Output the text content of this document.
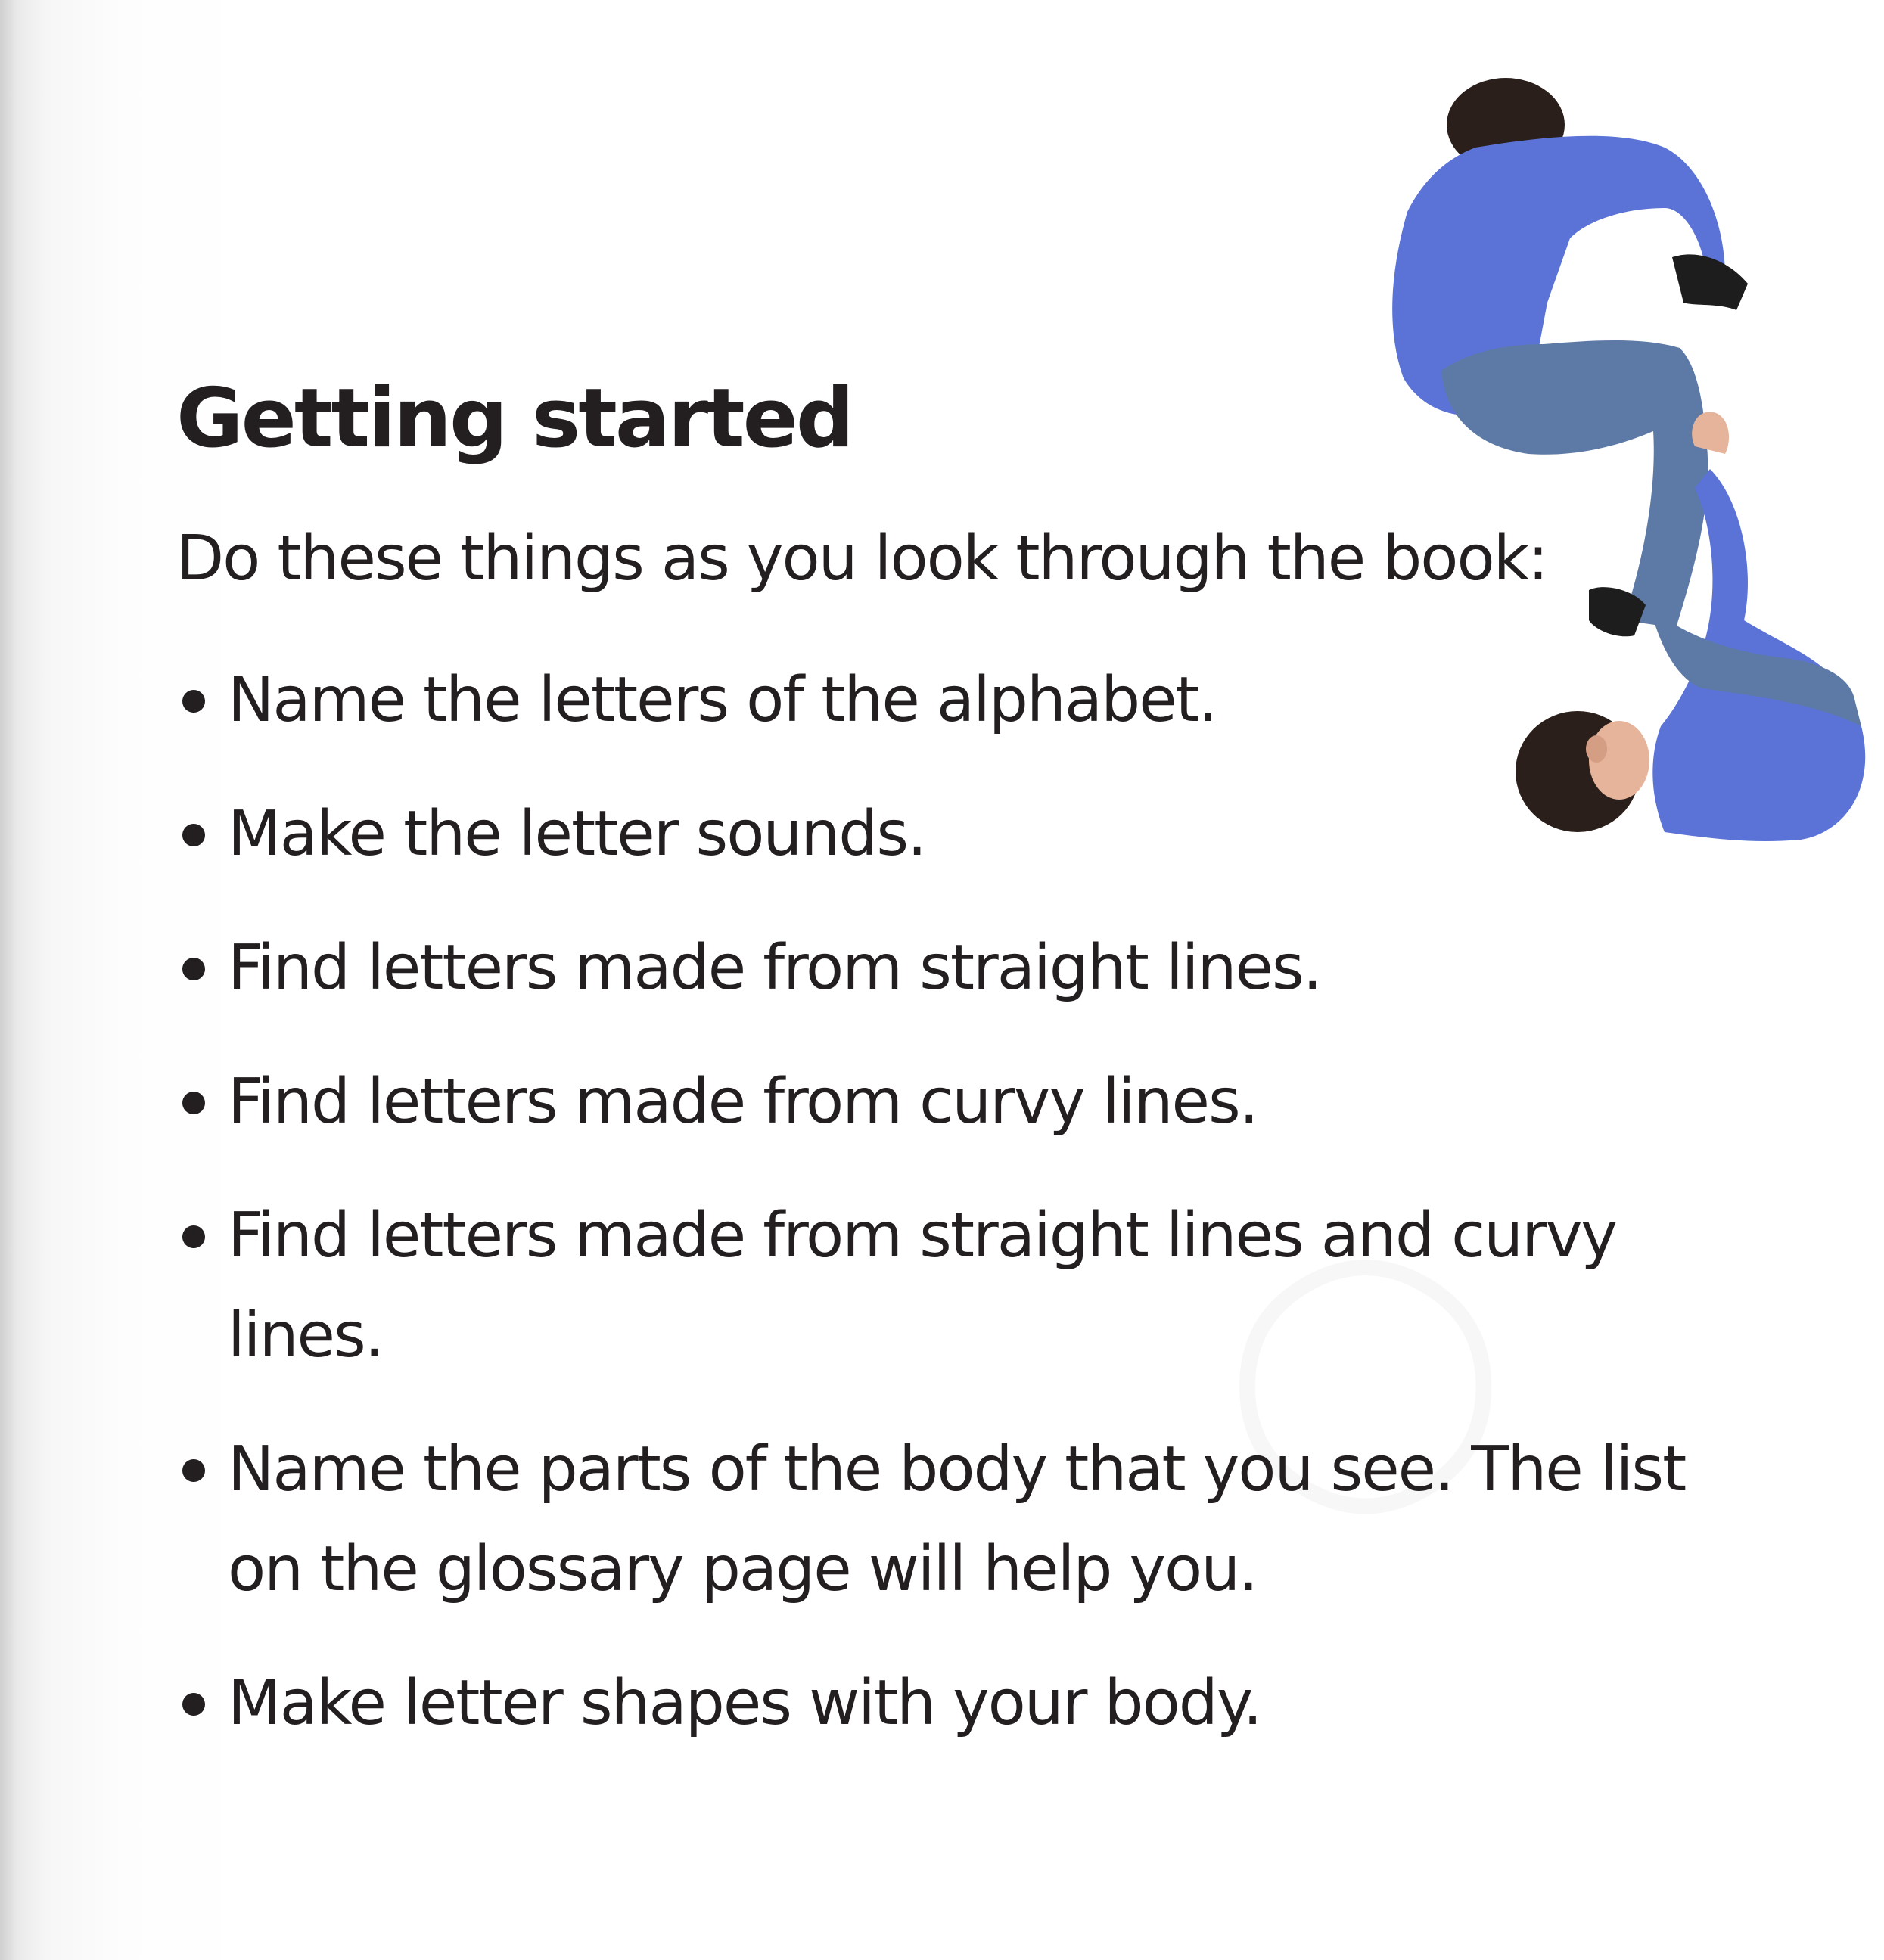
◯
Getting started

Do these things as you look through the book:

Name the letters of the alphabet.
Make the letter sounds.
Find letters made from straight lines.
Find letters made from curvy lines.
Find letters made from straight lines and curvy lines.
Name the parts of the body that you see. The list on the glossary page will help you.
Make letter shapes with your body.
